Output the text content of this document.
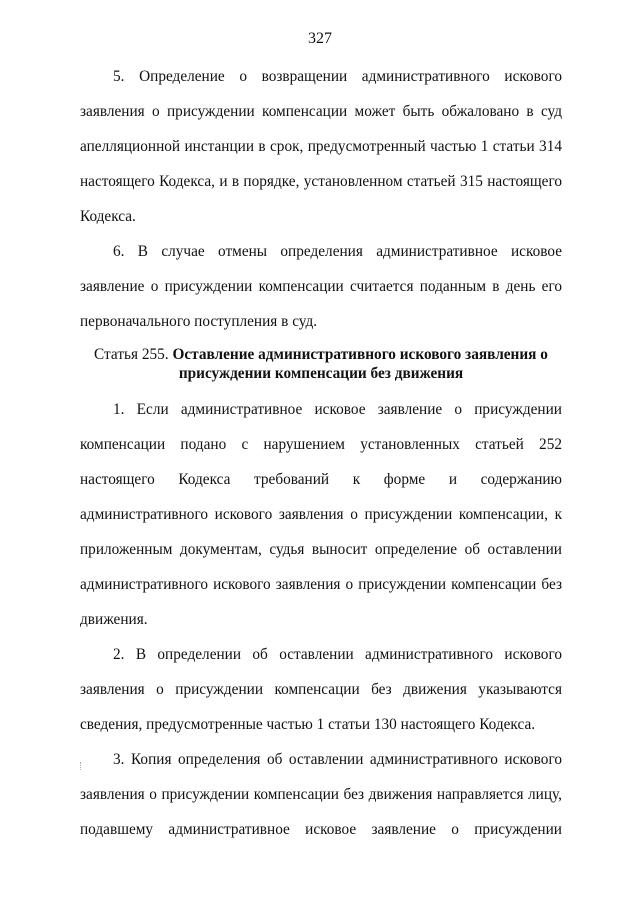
327

5. Определение о возвращении административного искового заявления о присуждении компенсации может быть обжаловано в суд апелляционной инстанции в срок, предусмотренный частью 1 статьи 314 настоящего Кодекса, и в порядке, установленном статьей 315 настоящего Кодекса.

6. В случае отмены определения административное исковое заявление о присуждении компенсации считается поданным в день его первоначального поступления в суд.

Статья 255. Оставление административного искового заявления о присуждении компенсации без движения

1. Если административное исковое заявление о присуждении компенсации подано с нарушением установленных статьей 252 настоящего Кодекса требований к форме и содержанию административного искового заявления о присуждении компенсации, к приложенным документам, судья выносит определение об оставлении административного искового заявления о присуждении компенсации без движения.

2. В определении об оставлении административного искового заявления о присуждении компенсации без движения указываются сведения, предусмотренные частью 1 статьи 130 настоящего Кодекса.

3. Копия определения об оставлении административного искового заявления о присуждении компенсации без движения направляется лицу, подавшему административное исковое заявление о присуждении
